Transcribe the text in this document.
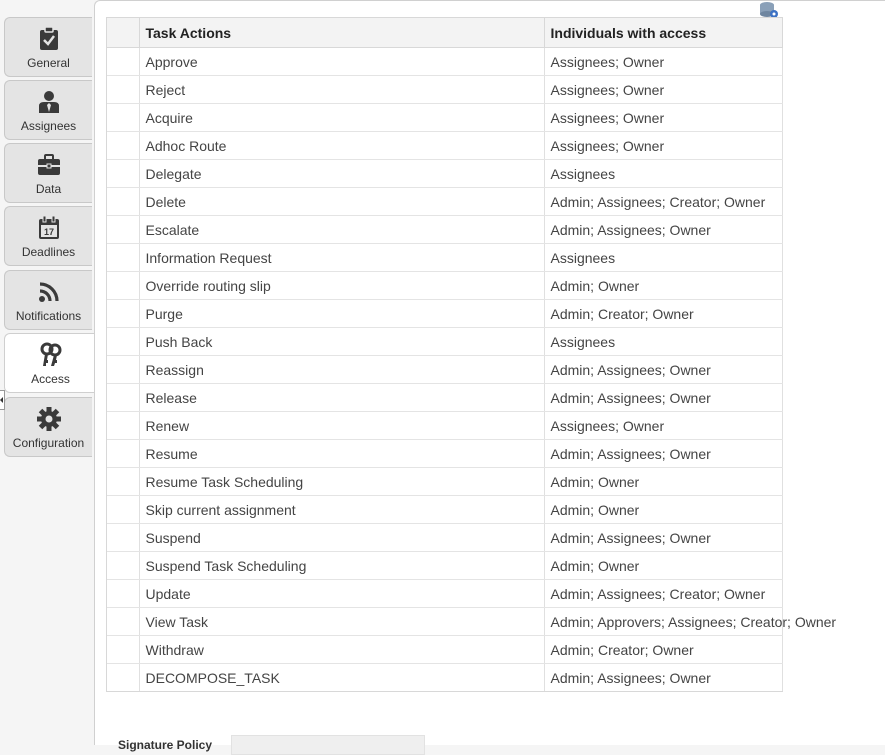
General
Assignees
Data
17
Deadlines
Notifications
Access
Configuration
	Task Actions	Individuals with access
	Approve	Assignees; Owner
	Reject	Assignees; Owner
	Acquire	Assignees; Owner
	Adhoc Route	Assignees; Owner
	Delegate	Assignees
	Delete	Admin; Assignees; Creator; Owner
	Escalate	Admin; Assignees; Owner
	Information Request	Assignees
	Override routing slip	Admin; Owner
	Purge	Admin; Creator; Owner
	Push Back	Assignees
	Reassign	Admin; Assignees; Owner
	Release	Admin; Assignees; Owner
	Renew	Assignees; Owner
	Resume	Admin; Assignees; Owner
	Resume Task Scheduling	Admin; Owner
	Skip current assignment	Admin; Owner
	Suspend	Admin; Assignees; Owner
	Suspend Task Scheduling	Admin; Owner
	Update	Admin; Assignees; Creator; Owner
	View Task	Admin; Approvers; Assignees; Creator; Owner
	Withdraw	Admin; Creator; Owner
	DECOMPOSE_TASK	Admin; Assignees; Owner
Signature Policy
